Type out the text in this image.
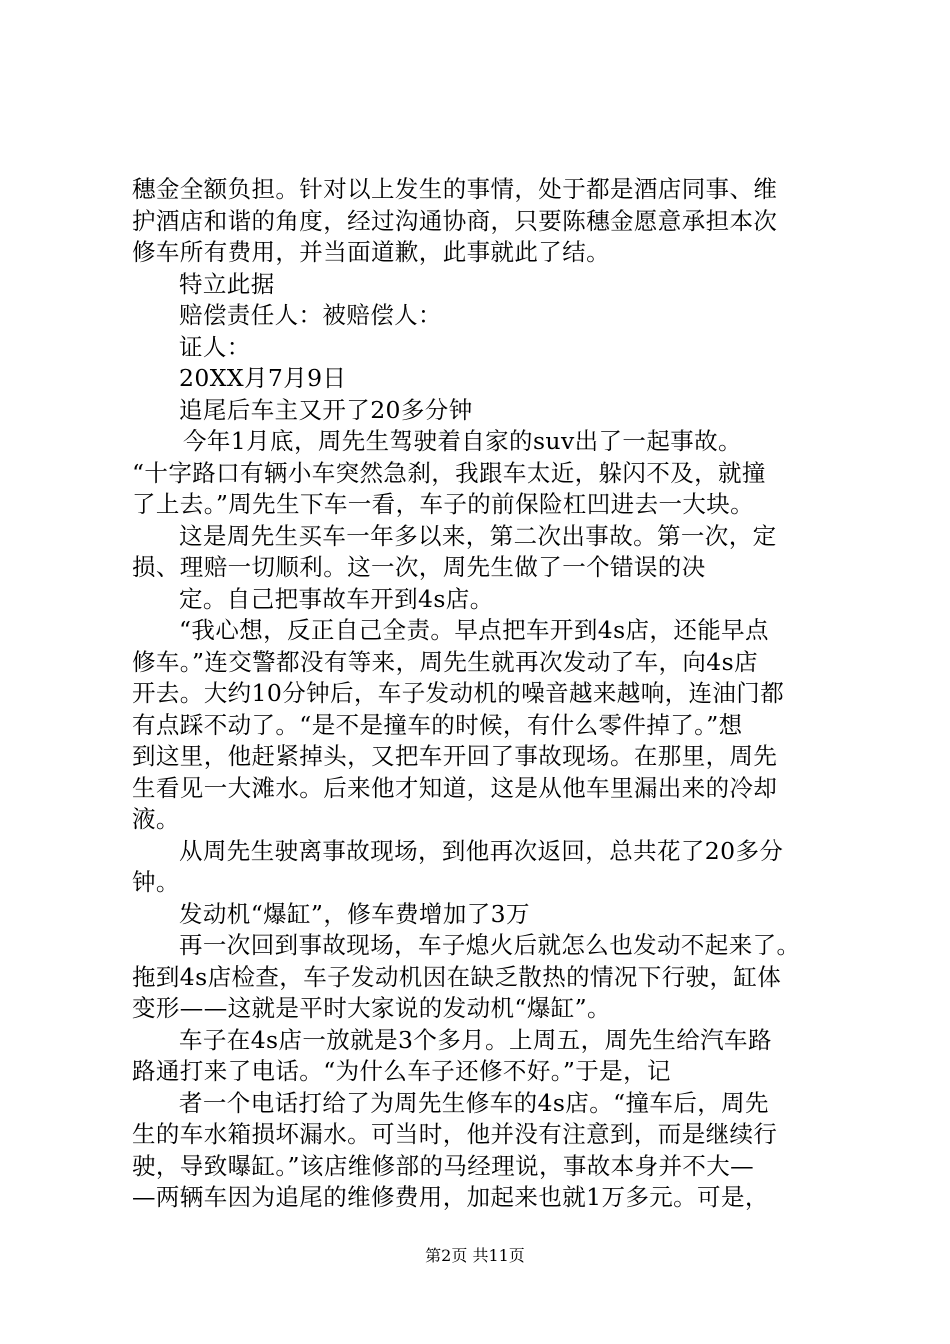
穗金全额负担。针对以上发生的事情，处于都是酒店同事、维
护酒店和谐的角度，经过沟通协商，只要陈穗金愿意承担本次
修车所有费用，并当面道歉，此事就此了结。
特立此据
赔偿责任人：被赔偿人：
证人：
20XX月7月9日
追尾后车主又开了20多分钟
今年1月底，周先生驾驶着自家的suv出了一起事故。
“十字路口有辆小车突然急刹，我跟车太近，躲闪不及，就撞
了上去。”周先生下车一看，车子的前保险杠凹进去一大块。
这是周先生买车一年多以来，第二次出事故。第一次，定
损、理赔一切顺利。这一次，周先生做了一个错误的决
定。自己把事故车开到4s店。
“我心想，反正自己全责。早点把车开到4s店，还能早点
修车。”连交警都没有等来，周先生就再次发动了车，向4s店
开去。大约10分钟后，车子发动机的噪音越来越响，连油门都
有点踩不动了。“是不是撞车的时候，有什么零件掉了。”想
到这里，他赶紧掉头，又把车开回了事故现场。在那里，周先
生看见一大滩水。后来他才知道，这是从他车里漏出来的冷却
液。
从周先生驶离事故现场，到他再次返回，总共花了20多分
钟。
发动机“爆缸”，修车费增加了3万
再一次回到事故现场，车子熄火后就怎么也发动不起来了。
拖到4s店检查，车子发动机因在缺乏散热的情况下行驶，缸体
变形——这就是平时大家说的发动机“爆缸”。
车子在4s店一放就是3个多月。上周五，周先生给汽车路
路通打来了电话。“为什么车子还修不好。”于是，记
者一个电话打给了为周先生修车的4s店。“撞车后，周先
生的车水箱损坏漏水。可当时，他并没有注意到，而是继续行
驶，导致曝缸。”该店维修部的马经理说，事故本身并不大—
—两辆车因为追尾的维修费用，加起来也就1万多元。可是，
第2页 共11页
